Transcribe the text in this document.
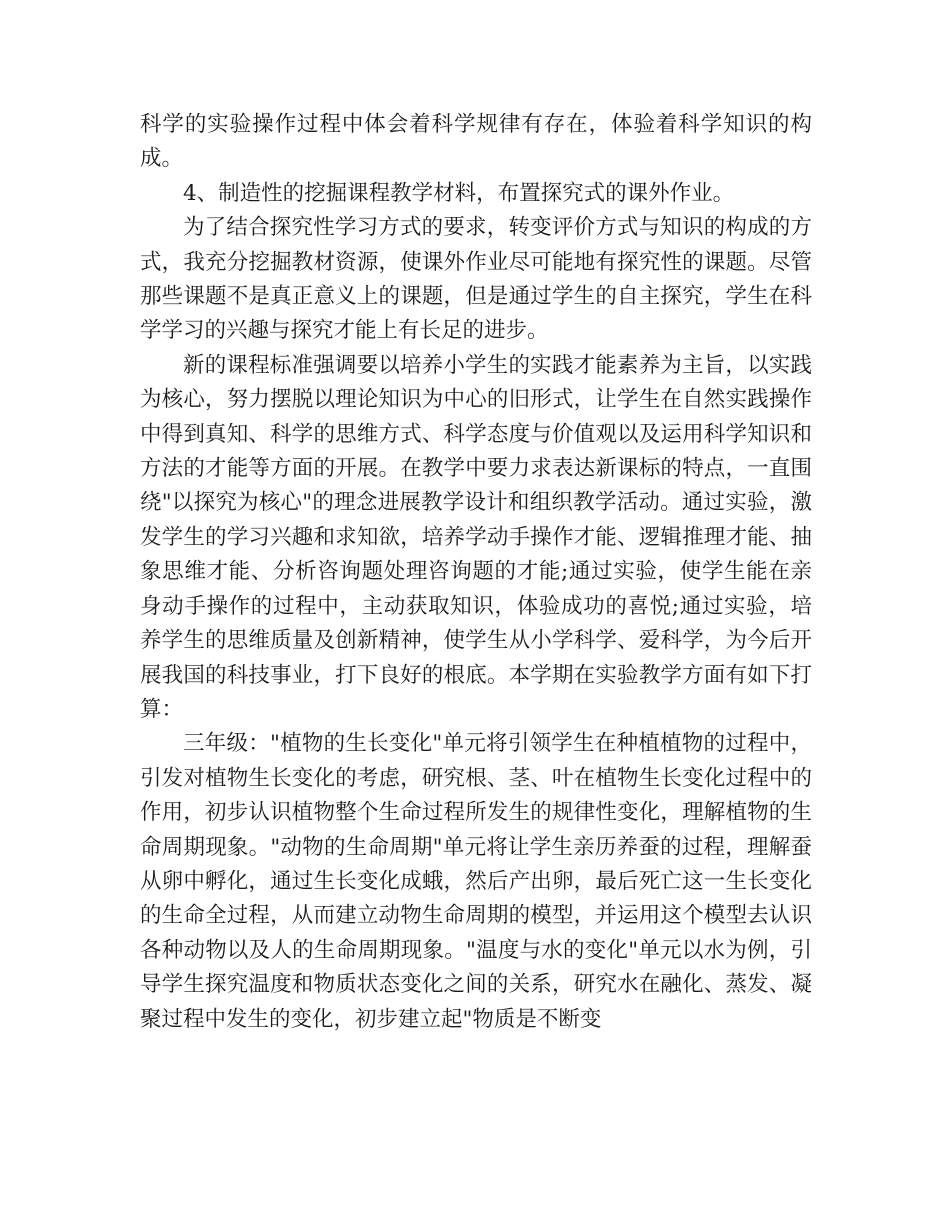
科学的实验操作过程中体会着科学规律有存在，体验着科学知识的构成。

4、制造性的挖掘课程教学材料，布置探究式的课外作业。

为了结合探究性学习方式的要求，转变评价方式与知识的构成的方式，我充分挖掘教材资源，使课外作业尽可能地有探究性的课题。尽管那些课题不是真正意义上的课题，但是通过学生的自主探究，学生在科学学习的兴趣与探究才能上有长足的进步。

新的课程标准强调要以培养小学生的实践才能素养为主旨，以实践为核心，努力摆脱以理论知识为中心的旧形式，让学生在自然实践操作中得到真知、科学的思维方式、科学态度与价值观以及运用科学知识和方法的才能等方面的开展。在教学中要力求表达新课标的特点，一直围绕"以探究为核心"的理念进展教学设计和组织教学活动。通过实验，激发学生的学习兴趣和求知欲，培养学动手操作才能、逻辑推理才能、抽象思维才能、分析咨询题处理咨询题的才能;通过实验，使学生能在亲身动手操作的过程中，主动获取知识，体验成功的喜悦;通过实验，培养学生的思维质量及创新精神，使学生从小学科学、爱科学，为今后开展我国的科技事业，打下良好的根底。本学期在实验教学方面有如下打算：

三年级："植物的生长变化"单元将引领学生在种植植物的过程中，引发对植物生长变化的考虑，研究根、茎、叶在植物生长变化过程中的作用，初步认识植物整个生命过程所发生的规律性变化，理解植物的生命周期现象。"动物的生命周期"单元将让学生亲历养蚕的过程，理解蚕从卵中孵化，通过生长变化成蛾，然后产出卵，最后死亡这一生长变化的生命全过程，从而建立动物生命周期的模型，并运用这个模型去认识各种动物以及人的生命周期现象。"温度与水的变化"单元以水为例，引导学生探究温度和物质状态变化之间的关系，研究水在融化、蒸发、凝聚过程中发生的变化，初步建立起"物质是不断变
